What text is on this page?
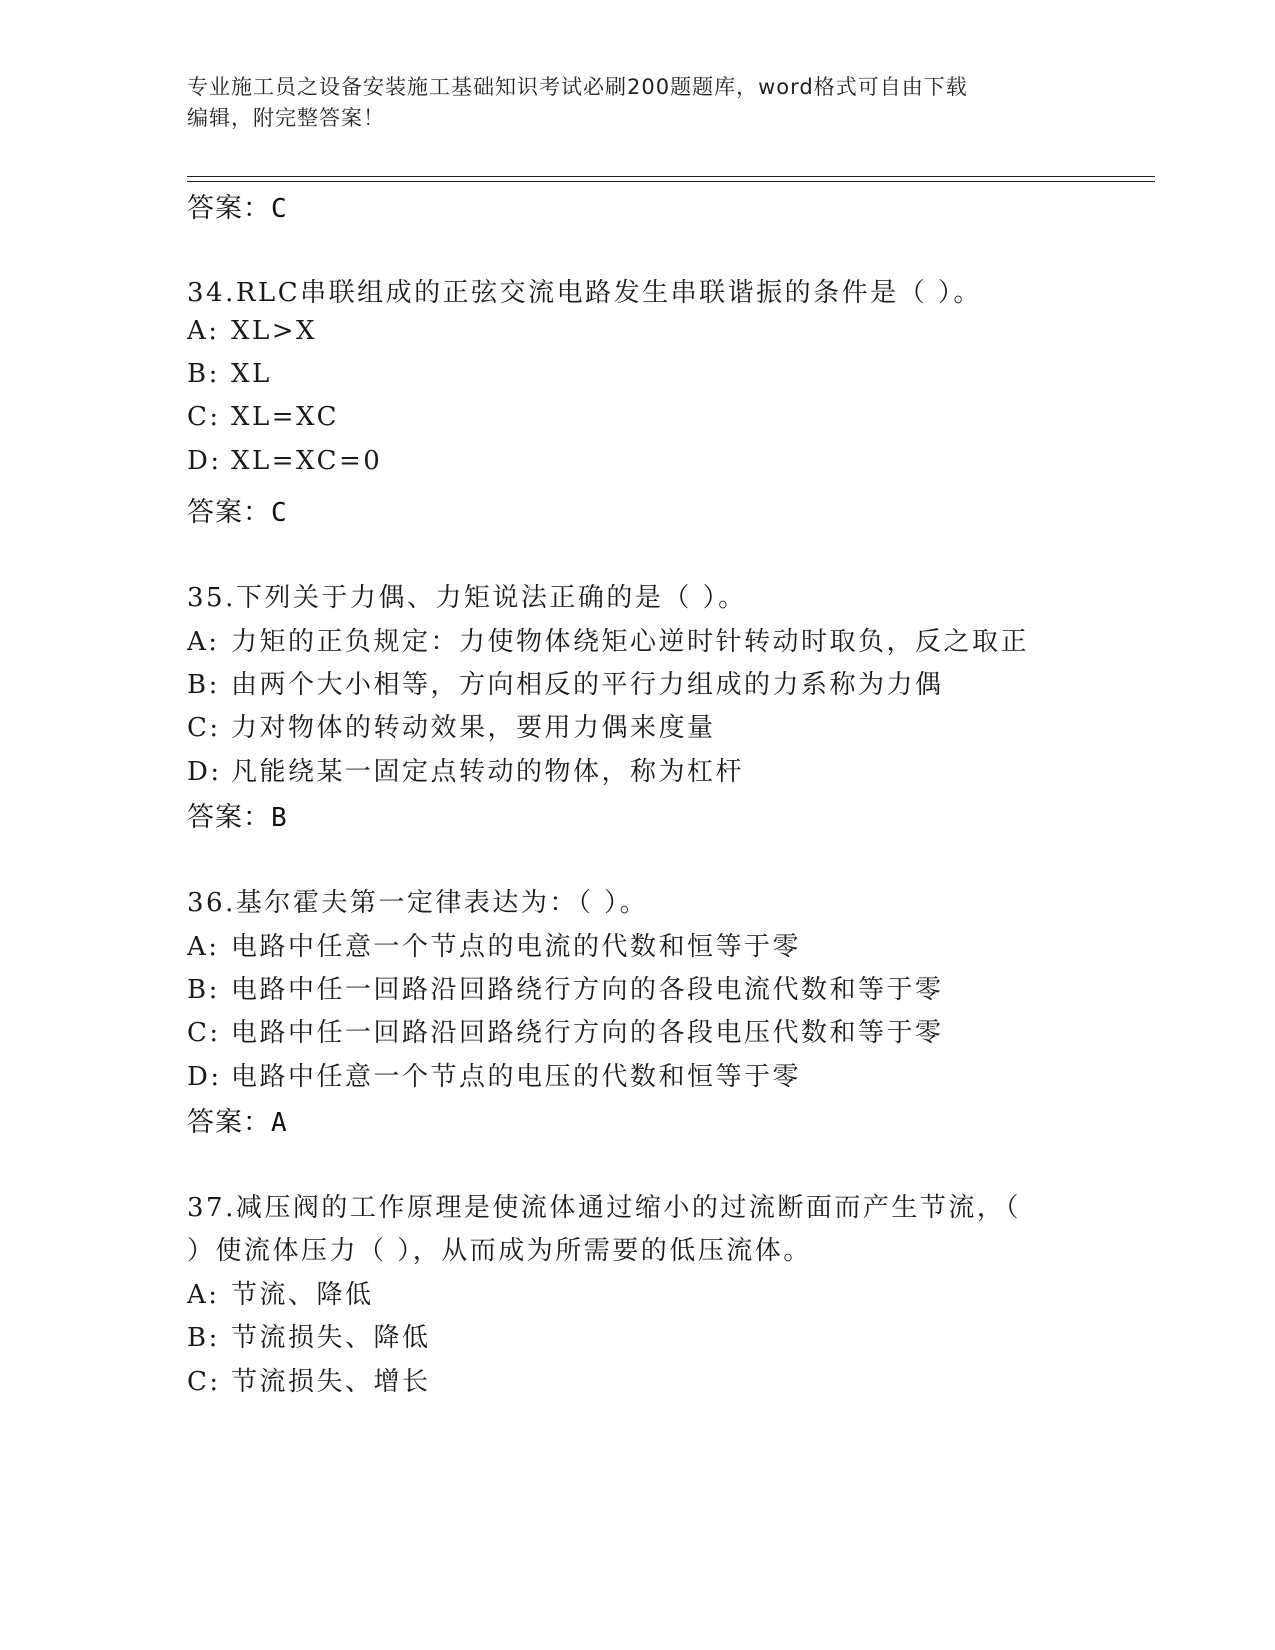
专业施工员之设备安装施工基础知识考试必刷200题题库，word格式可自由下载
编辑，附完整答案！
答案：C
34.RLC串联组成的正弦交流电路发生串联谐振的条件是（ ）。
A: XL>X
B: XL
C: XL=XC
D: XL=XC=0
答案：C
35.下列关于力偶、力矩说法正确的是（ ）。
A: 力矩的正负规定：力使物体绕矩心逆时针转动时取负，反之取正
B: 由两个大小相等，方向相反的平行力组成的力系称为力偶
C: 力对物体的转动效果，要用力偶来度量
D: 凡能绕某一固定点转动的物体，称为杠杆
答案：B
36.基尔霍夫第一定律表达为：（ ）。
A: 电路中任意一个节点的电流的代数和恒等于零
B: 电路中任一回路沿回路绕行方向的各段电流代数和等于零
C: 电路中任一回路沿回路绕行方向的各段电压代数和等于零
D: 电路中任意一个节点的电压的代数和恒等于零
答案：A
37.减压阀的工作原理是使流体通过缩小的过流断面而产生节流，（
）使流体压力（ ），从而成为所需要的低压流体。
A: 节流、降低
B: 节流损失、降低
C: 节流损失、增长
